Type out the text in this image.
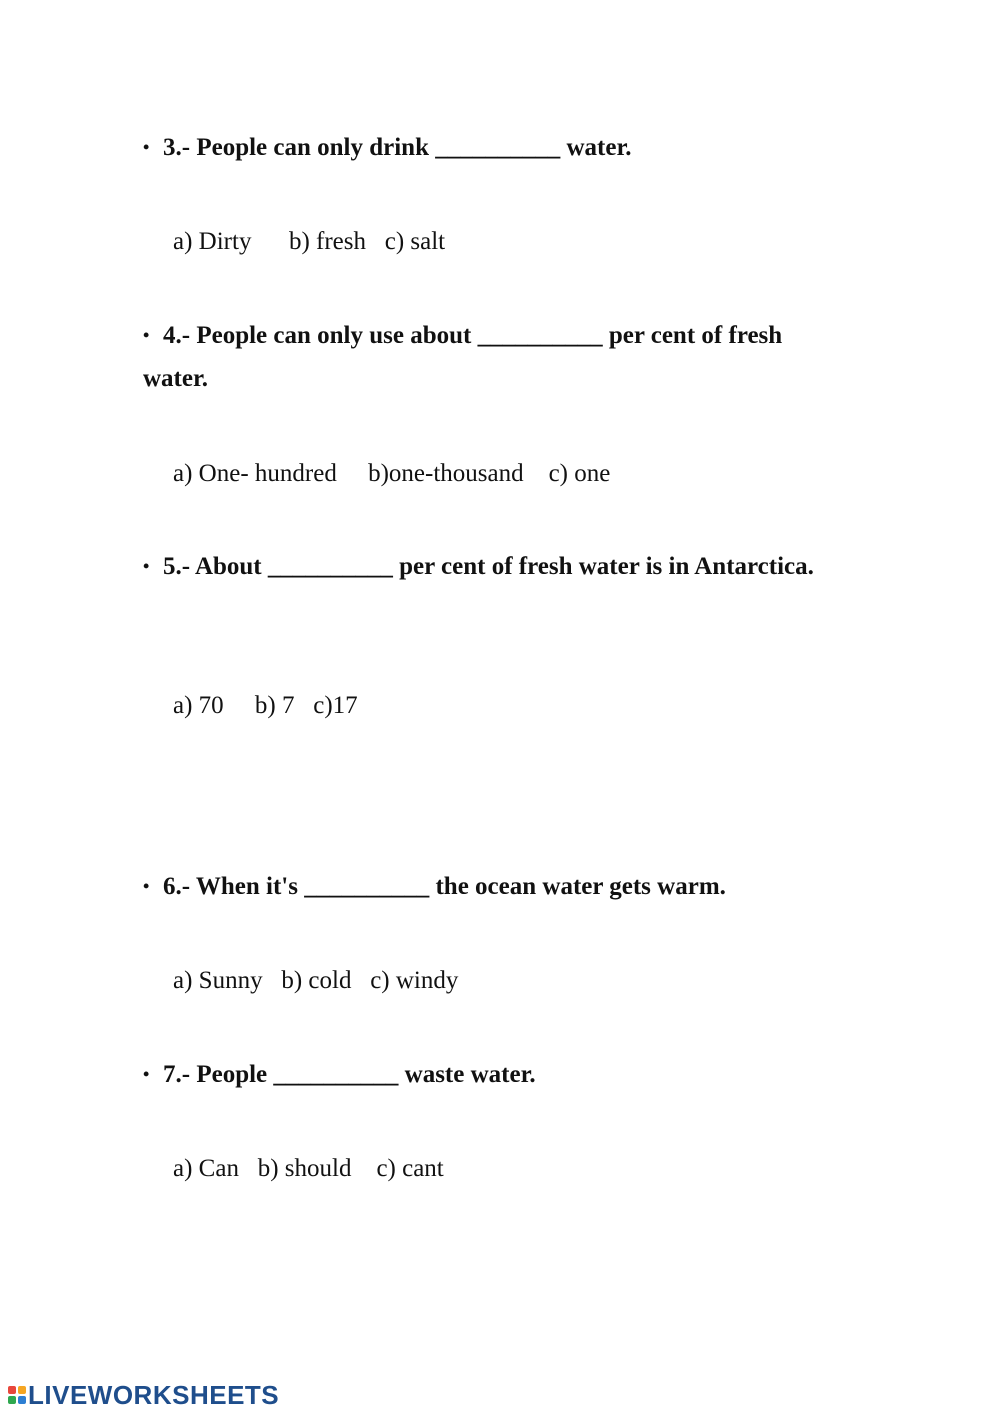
• 3.- People can only drink __________ water.

a) Dirty      b) fresh   c) salt

• 4.- People can only use about __________ per cent of fresh water.

a) One- hundred     b)one-thousand    c) one

• 5.- About __________ per cent of fresh water is in Antarctica.

a) 70     b) 7   c)17

• 6.- When it's __________ the ocean water gets warm.

a) Sunny   b) cold   c) windy

• 7.- People __________ waste water.

a) Can   b) should    c) cant

LIVEWORKSHEETS
